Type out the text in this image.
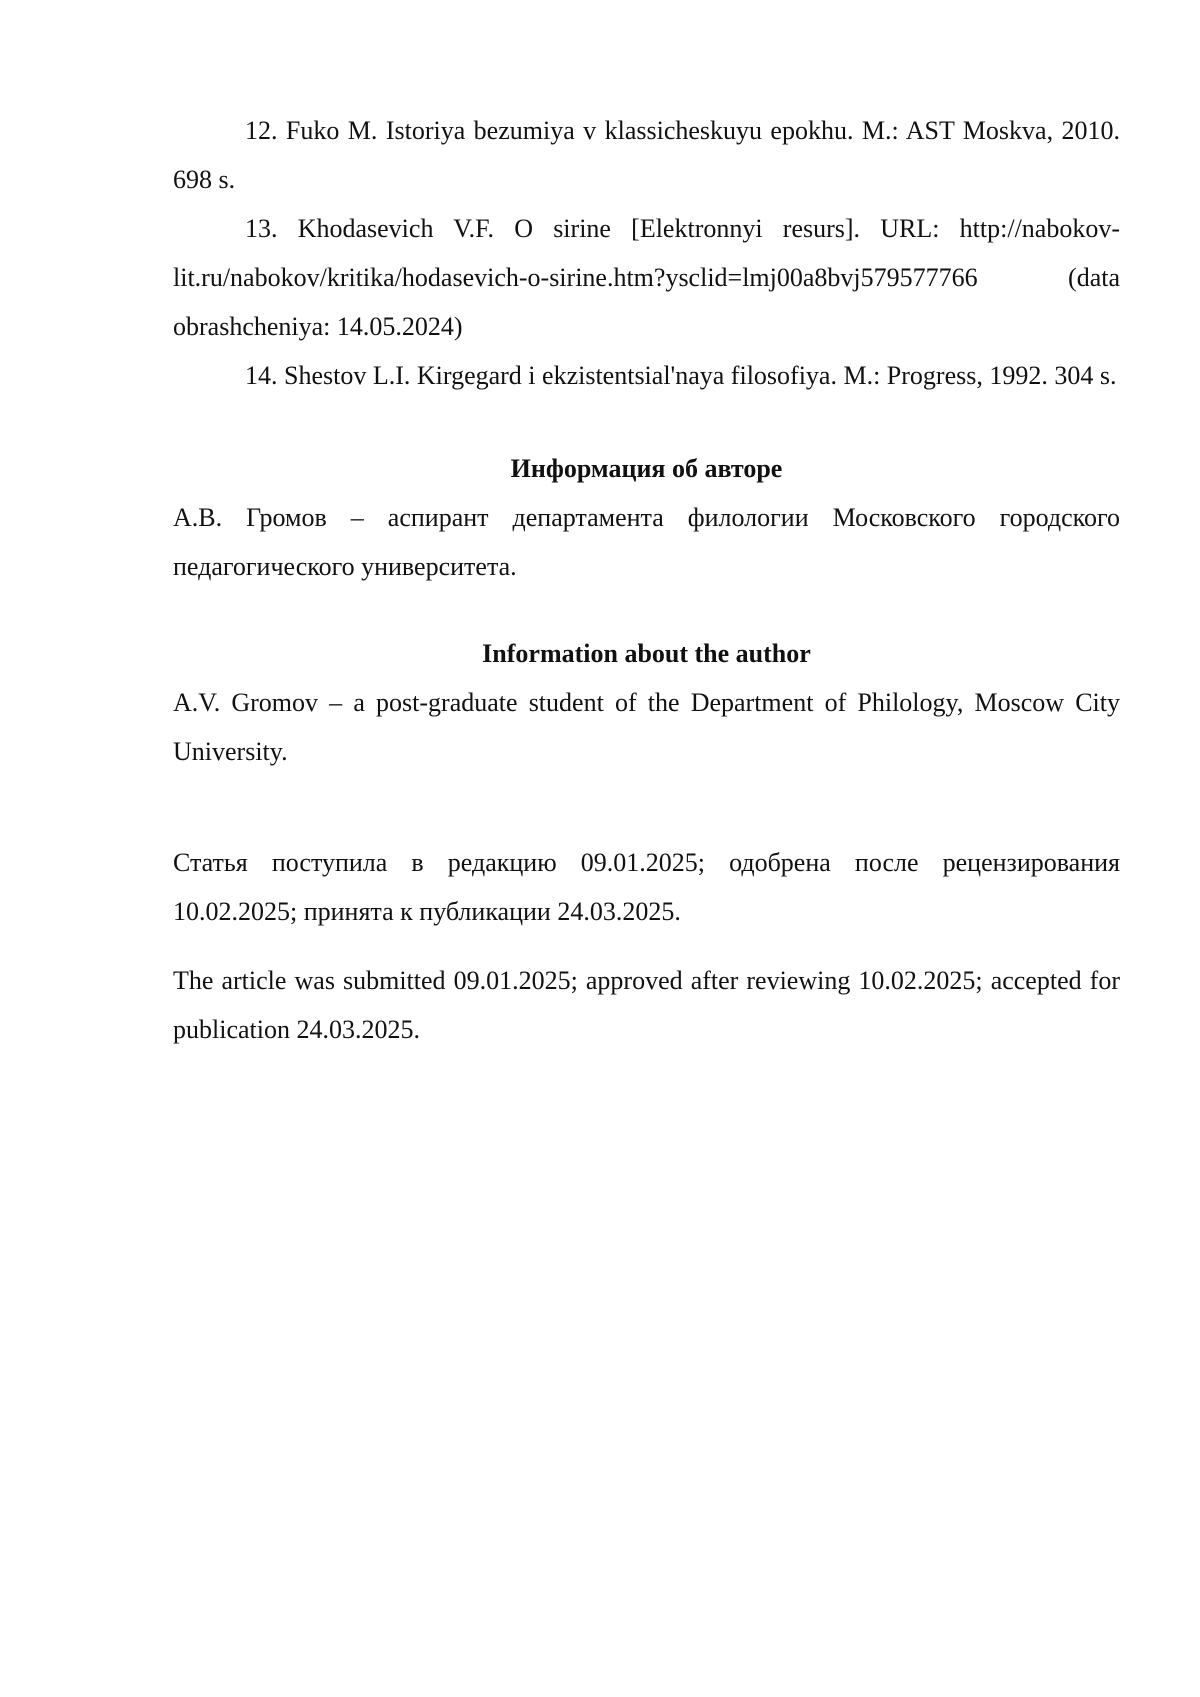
12. Fuko M. Istoriya bezumiya v klassicheskuyu epokhu. M.: AST Moskva, 2010. 698 s.

13. Khodasevich V.F. O sirine [Elektronnyi resurs]. URL: http://nabokov-lit.ru/nabokov/kritika/hodasevich-o-sirine.htm?ysclid=lmj00a8bvj579577766 (data obrashcheniya: 14.05.2024)

14. Shestov L.I. Kirgegard i ekzistentsial'naya filosofiya. M.: Progress, 1992. 304 s.

Информация об авторе

А.В. Громов – аспирант департамента филологии Московского городского педагогического университета.

Information about the author

A.V. Gromov – a post-graduate student of the Department of Philology, Moscow City University.

Статья поступила в редакцию 09.01.2025; одобрена после рецензирования 10.02.2025; принята к публикации 24.03.2025.

The article was submitted 09.01.2025; approved after reviewing 10.02.2025; accepted for publication 24.03.2025.
